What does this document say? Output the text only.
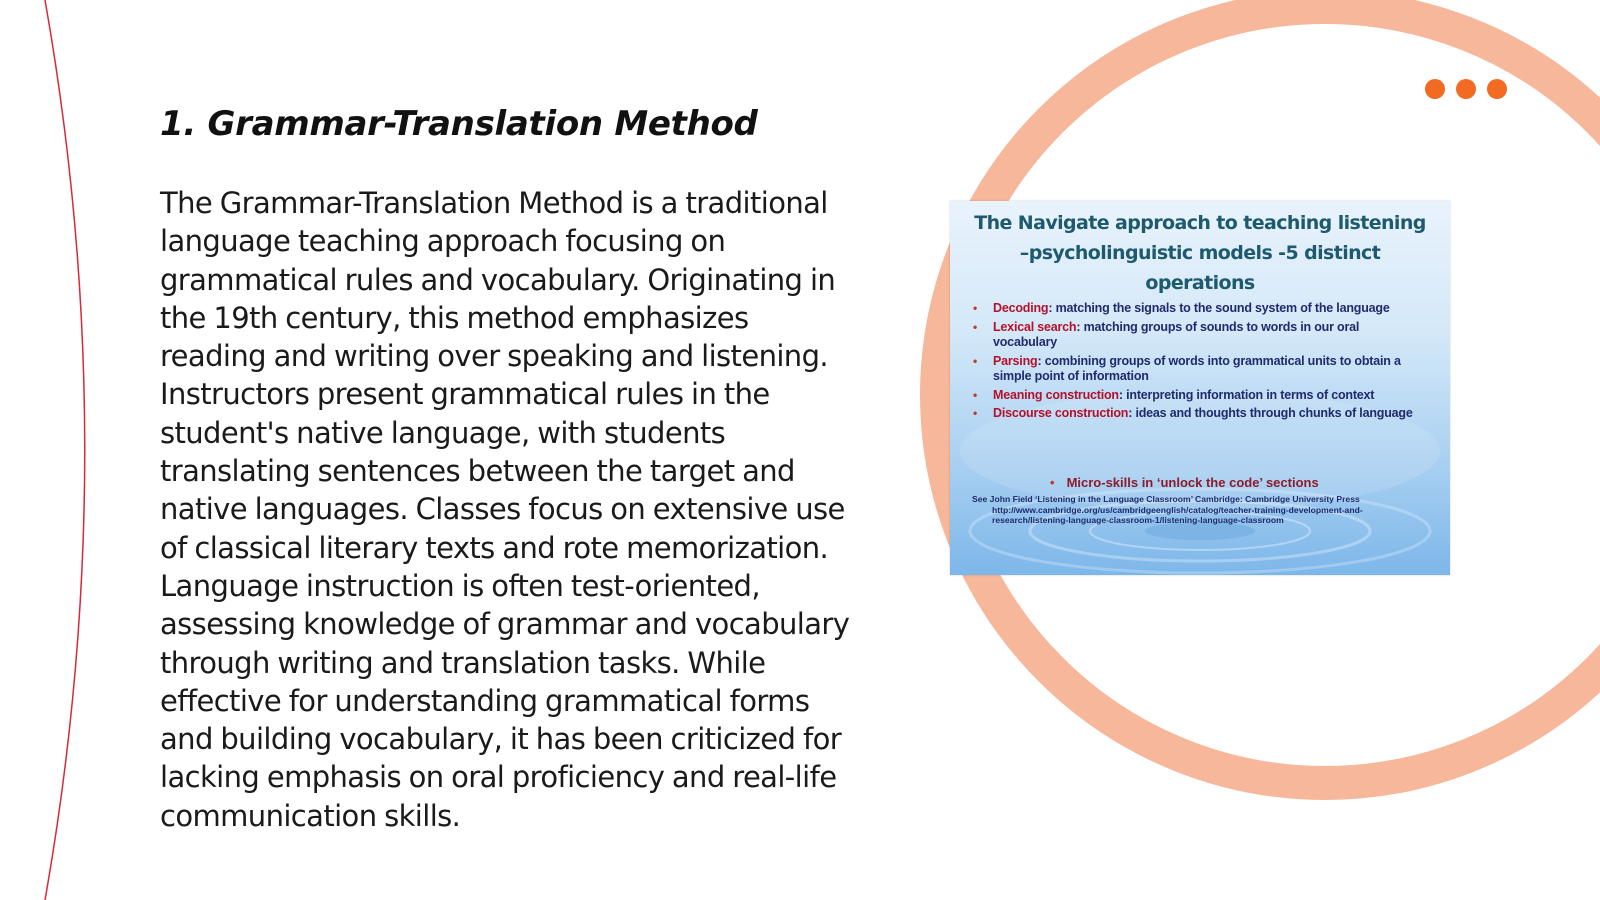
1. Grammar-Translation Method

The Grammar-Translation Method is a traditional language teaching approach focusing on grammatical rules and vocabulary. Originating in the 19th century, this method emphasizes reading and writing over speaking and listening. Instructors present grammatical rules in the student's native language, with students translating sentences between the target and native languages. Classes focus on extensive use of classical literary texts and rote memorization. Language instruction is often test-oriented, assessing knowledge of grammar and vocabulary through writing and translation tasks. While effective for understanding grammatical forms and building vocabulary, it has been criticized for lacking emphasis on oral proficiency and real-life communication skills.

The Navigate approach to teaching listening –psycholinguistic models -5 distinct operations
• Decoding: matching the signals to the sound system of the language
• Lexical search: matching groups of sounds to words in our oral vocabulary
• Parsing: combining groups of words into grammatical units to obtain a simple point of information
• Meaning construction: interpreting information in terms of context
• Discourse construction: ideas and thoughts through chunks of language
• Micro-skills in ‘unlock the code’ sections

See John Field ‘Listening in the Language Classroom’ Cambridge: Cambridge University Press
http://www.cambridge.org/us/cambridgeenglish/catalog/teacher-training-development-and-research/listening-language-classroom-1/listening-language-classroom
